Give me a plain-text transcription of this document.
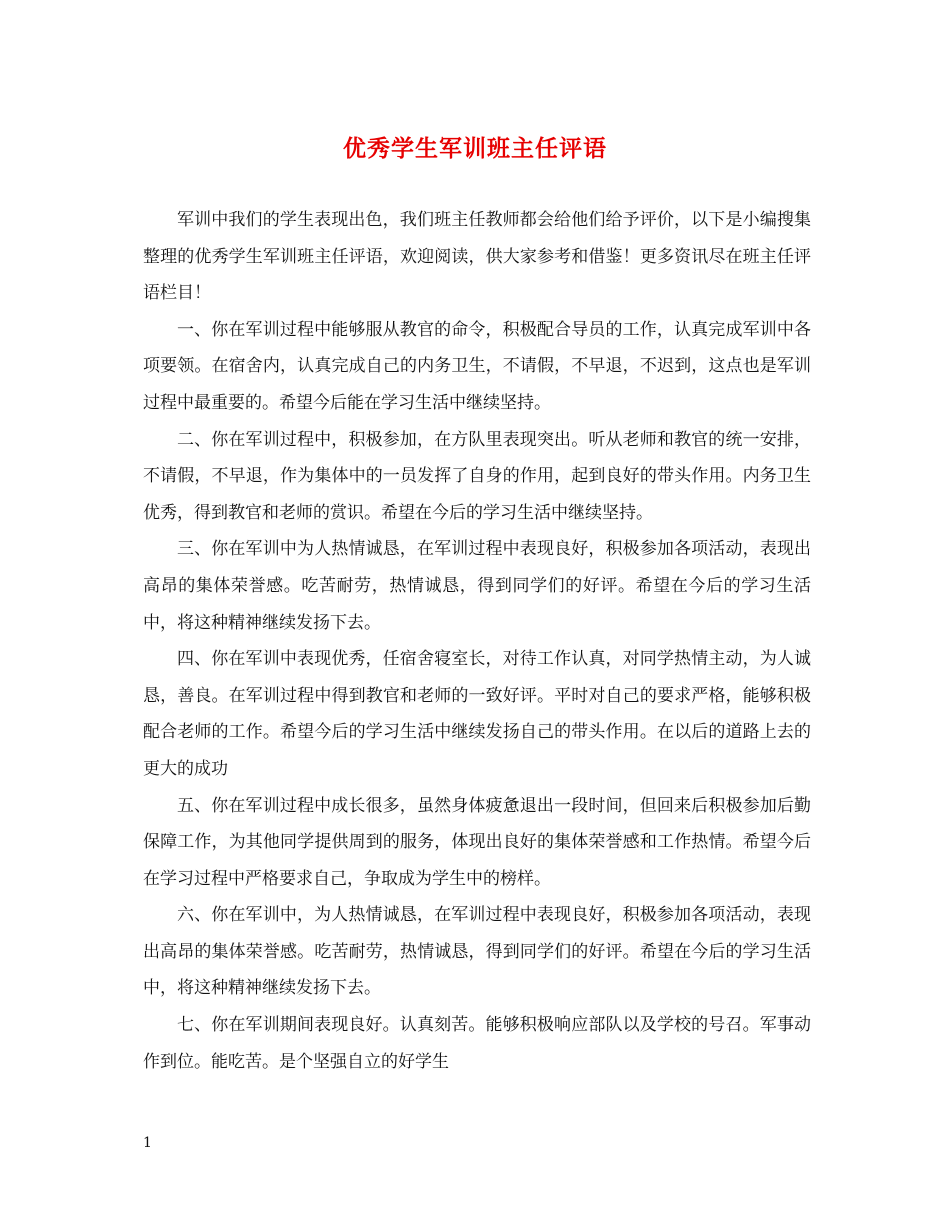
优秀学生军训班主任评语

军训中我们的学生表现出色，我们班主任教师都会给他们给予评价，以下是小编搜集整理的优秀学生军训班主任评语，欢迎阅读，供大家参考和借鉴！更多资讯尽在班主任评语栏目！

一、你在军训过程中能够服从教官的命令，积极配合导员的工作，认真完成军训中各项要领。在宿舍内，认真完成自己的内务卫生，不请假，不早退，不迟到，这点也是军训过程中最重要的。希望今后能在学习生活中继续坚持。

二、你在军训过程中，积极参加，在方队里表现突出。听从老师和教官的统一安排，不请假，不早退，作为集体中的一员发挥了自身的作用，起到良好的带头作用。内务卫生优秀，得到教官和老师的赏识。希望在今后的学习生活中继续坚持。

三、你在军训中为人热情诚恳，在军训过程中表现良好，积极参加各项活动，表现出高昂的集体荣誉感。吃苦耐劳，热情诚恳，得到同学们的好评。希望在今后的学习生活中，将这种精神继续发扬下去。

四、你在军训中表现优秀，任宿舍寝室长，对待工作认真，对同学热情主动，为人诚恳，善良。在军训过程中得到教官和老师的一致好评。平时对自己的要求严格，能够积极配合老师的工作。希望今后的学习生活中继续发扬自己的带头作用。在以后的道路上去的更大的成功

五、你在军训过程中成长很多，虽然身体疲惫退出一段时间，但回来后积极参加后勤保障工作，为其他同学提供周到的服务，体现出良好的集体荣誉感和工作热情。希望今后在学习过程中严格要求自己，争取成为学生中的榜样。

六、你在军训中，为人热情诚恳，在军训过程中表现良好，积极参加各项活动，表现出高昂的集体荣誉感。吃苦耐劳，热情诚恳，得到同学们的好评。希望在今后的学习生活中，将这种精神继续发扬下去。

七、你在军训期间表现良好。认真刻苦。能够积极响应部队以及学校的号召。军事动作到位。能吃苦。是个坚强自立的好学生

1
